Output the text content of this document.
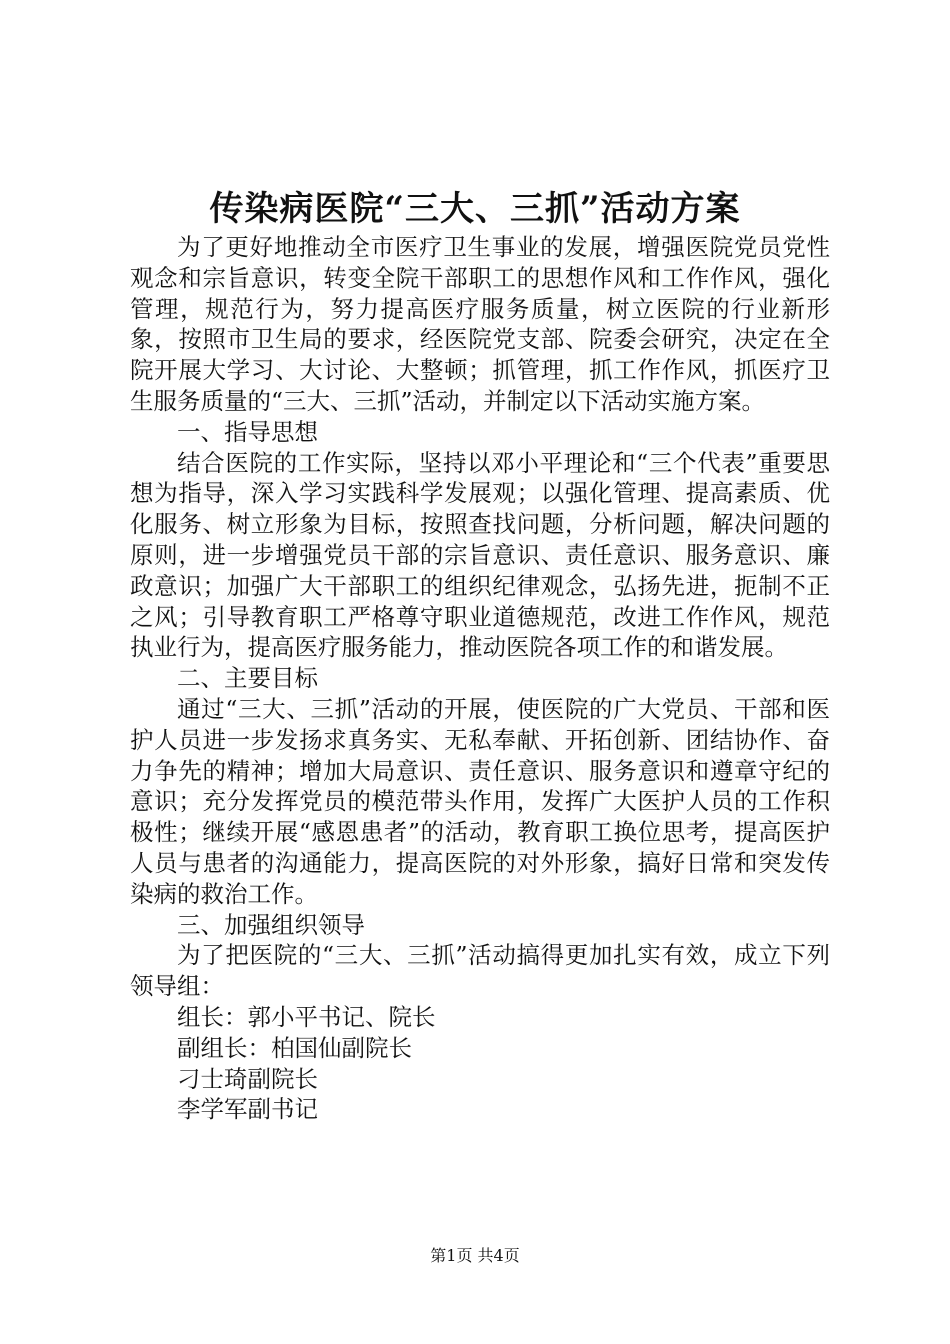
传染病医院“三大、三抓”活动方案

为了更好地推动全市医疗卫生事业的发展，增强医院党员党性观念和宗旨意识，转变全院干部职工的思想作风和工作作风，强化管理，规范行为，努力提高医疗服务质量，树立医院的行业新形象，按照市卫生局的要求，经医院党支部、院委会研究，决定在全院开展大学习、大讨论、大整顿；抓管理，抓工作作风，抓医疗卫生服务质量的“三大、三抓”活动，并制定以下活动实施方案。

一、指导思想

结合医院的工作实际，坚持以邓小平理论和“三个代表”重要思想为指导，深入学习实践科学发展观；以强化管理、提高素质、优化服务、树立形象为目标，按照查找问题，分析问题，解决问题的原则，进一步增强党员干部的宗旨意识、责任意识、服务意识、廉政意识；加强广大干部职工的组织纪律观念，弘扬先进，扼制不正之风；引导教育职工严格尊守职业道德规范，改进工作作风，规范执业行为，提高医疗服务能力，推动医院各项工作的和谐发展。

二、主要目标

通过“三大、三抓”活动的开展，使医院的广大党员、干部和医护人员进一步发扬求真务实、无私奉献、开拓创新、团结协作、奋力争先的精神；增加大局意识、责任意识、服务意识和遵章守纪的意识；充分发挥党员的模范带头作用，发挥广大医护人员的工作积极性；继续开展“感恩患者”的活动，教育职工换位思考，提高医护人员与患者的沟通能力，提高医院的对外形象，搞好日常和突发传染病的救治工作。

三、加强组织领导

为了把医院的“三大、三抓”活动搞得更加扎实有效，成立下列领导组：

组长：郭小平书记、院长

副组长：柏国仙副院长

刁士琦副院长

李学军副书记

第1页 共4页
